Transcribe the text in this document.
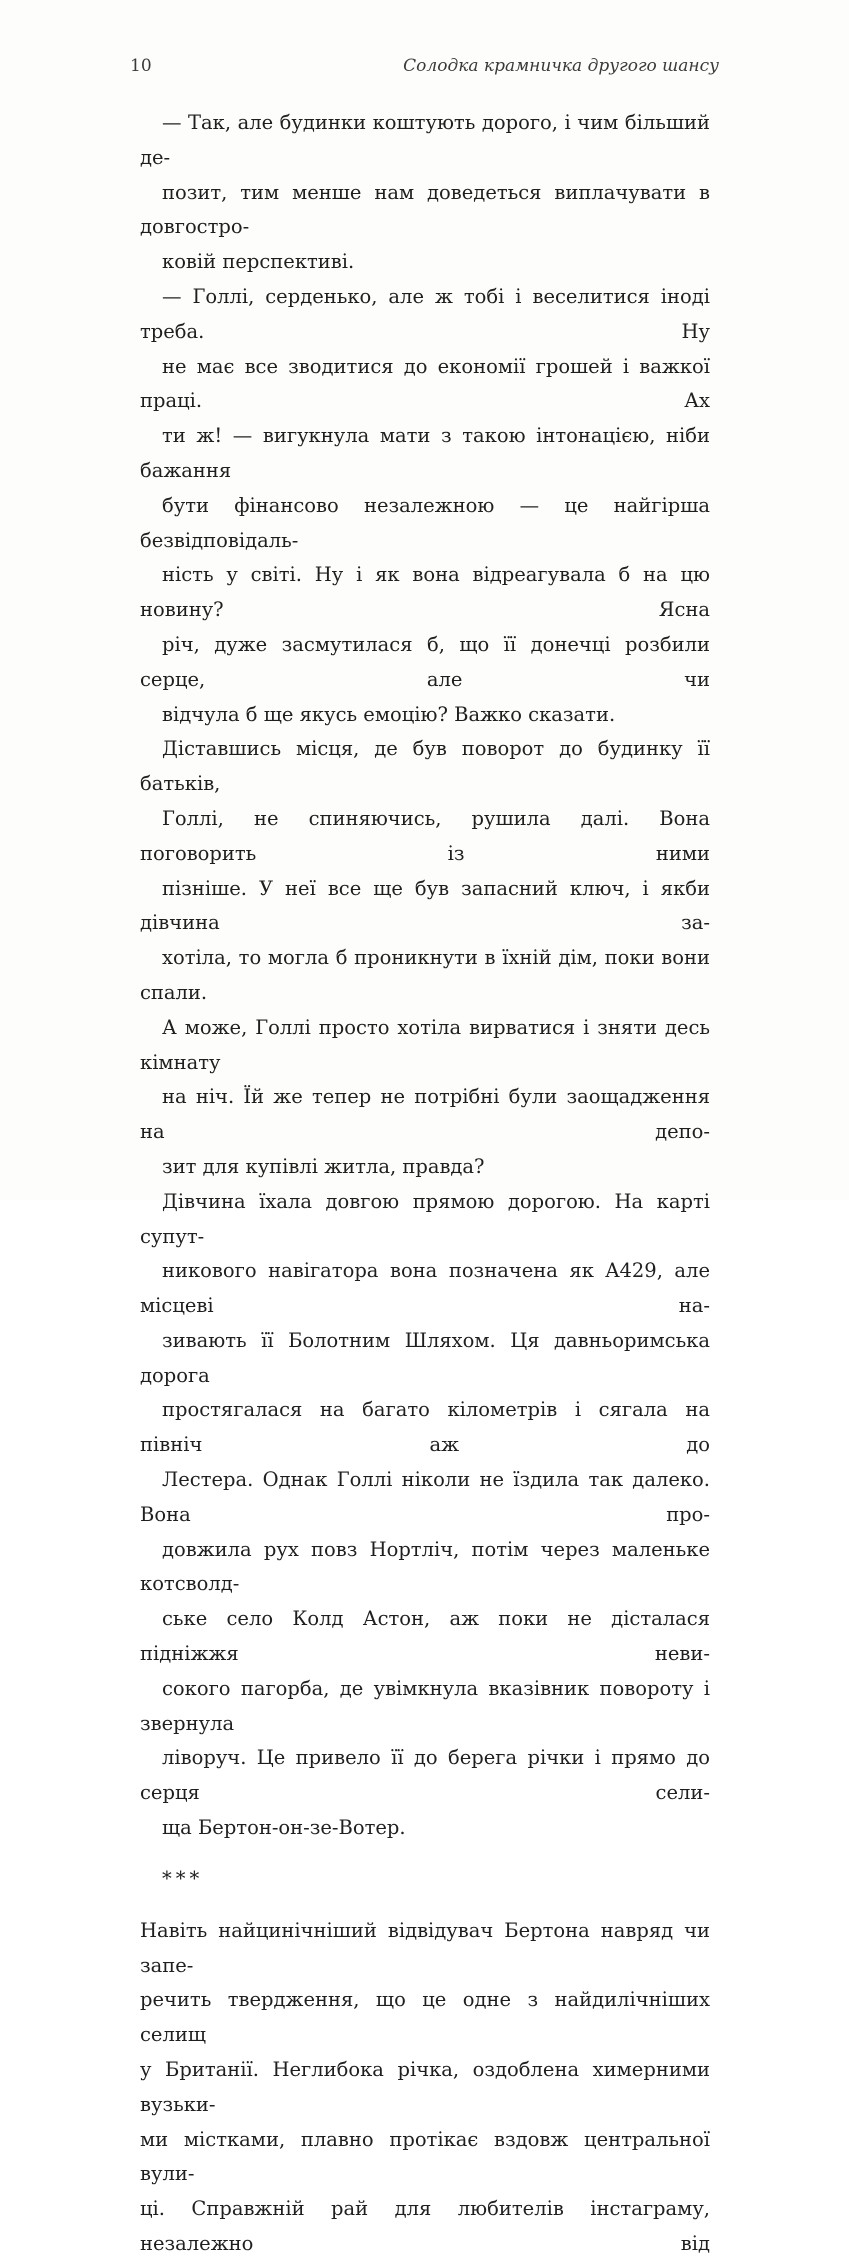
10	Солодка крамничка другого шансу

— Так, але будинки коштують дорого, і чим більший де-
позит, тим менше нам доведеться виплачувати в довгостро-
ковій перспективі.

— Голлі, серденько, але ж тобі і веселитися іноді треба. Ну
не має все зводитися до економії грошей і важкої праці. Ах
ти ж! — вигукнула мати з такою інтонацією, ніби бажання
бути фінансово незалежною — це найгірша безвідповідаль-
ність у світі. Ну і як вона відреагувала б на цю новину? Ясна
річ, дуже засмутилася б, що її донечці розбили серце, але чи
відчула б ще якусь емоцію? Важко сказати.

Діставшись місця, де був поворот до будинку її батьків,
Голлі, не спиняючись, рушила далі. Вона поговорить із ними
пізніше. У неї все ще був запасний ключ, і якби дівчина за-
хотіла, то могла б проникнути в їхній дім, поки вони спали.
А може, Голлі просто хотіла вирватися і зняти десь кімнату
на ніч. Їй же тепер не потрібні були заощадження на депо-
зит для купівлі житла, правда?

Дівчина їхала довгою прямою дорогою. На карті супут-
никового навігатора вона позначена як A429, але місцеві на-
зивають її Болотним Шляхом. Ця давньоримська дорога
простягалася на багато кілометрів і сягала на північ аж до
Лестера. Однак Голлі ніколи не їздила так далеко. Вона про-
довжила рух повз Нортліч, потім через маленьке котсволд-
ське село Колд Астон, аж поки не дісталася підніжжя неви-
сокого пагорба, де увімкнула вказівник повороту і звернула
ліворуч. Це привело її до берега річки і прямо до серця сели-
ща Бертон-он-зе-Вотер.

***

Навіть найцинічніший відвідувач Бертона навряд чи запе-
речить твердження, що це одне з найдилічніших селищ
у Британії. Неглибока річка, оздоблена химерними вузьки-
ми містками, плавно протікає вздовж центральної вули-
ці. Справжній рай для любителів інстаграму, незалежно від
